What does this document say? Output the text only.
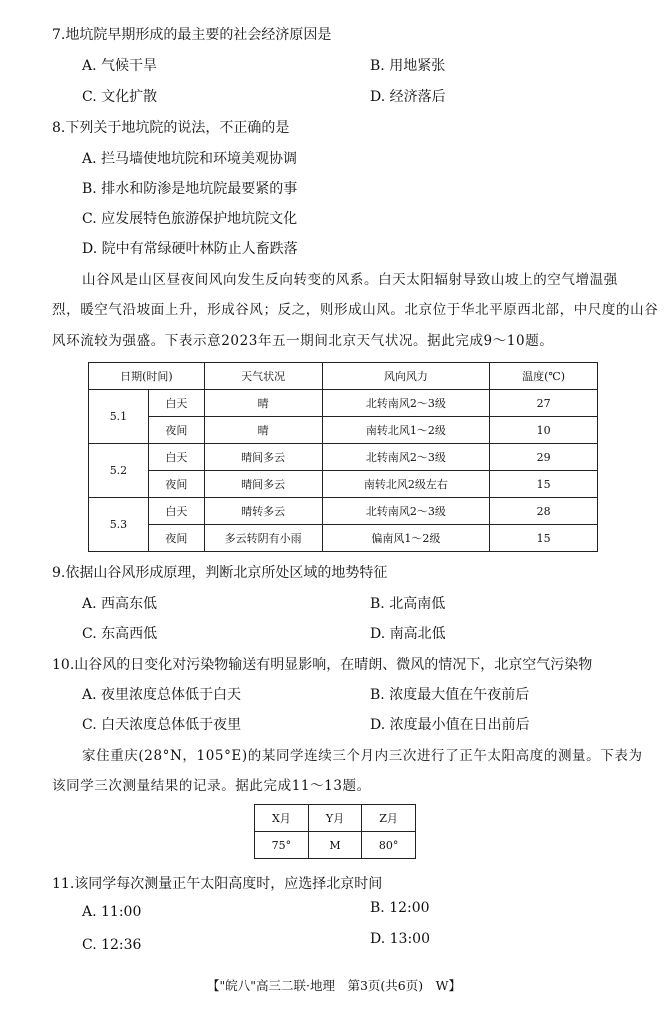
7.地坑院早期形成的最主要的社会经济原因是
A. 气候干旱	B. 用地紧张
C. 文化扩散	D. 经济落后
8.下列关于地坑院的说法，不正确的是
A. 拦马墙使地坑院和环境美观协调
B. 排水和防渗是地坑院最要紧的事
C. 应发展特色旅游保护地坑院文化
D. 院中有常绿硬叶林防止人畜跌落
山谷风是山区昼夜间风向发生反向转变的风系。白天太阳辐射导致山坡上的空气增温强
烈，暖空气沿坡面上升，形成谷风；反之，则形成山风。北京位于华北平原西北部，中尺度的山谷
风环流较为强盛。下表示意2023年五一期间北京天气状况。据此完成9～10题。
日期(时间)		天气状况	风向风力	温度(℃)
5.1	白天	晴	北转南风2～3级	27
	夜间	晴	南转北风1～2级	10
5.2	白天	晴间多云	北转南风2～3级	29
	夜间	晴间多云	南转北风2级左右	15
5.3	白天	晴转多云	北转南风2～3级	28
	夜间	多云转阴有小雨	偏南风1～2级	15
9.依据山谷风形成原理，判断北京所处区域的地势特征
A. 西高东低	B. 北高南低
C. 东高西低	D. 南高北低
10.山谷风的日变化对污染物输送有明显影响，在晴朗、微风的情况下，北京空气污染物
A. 夜里浓度总体低于白天	B. 浓度最大值在午夜前后
C. 白天浓度总体低于夜里	D. 浓度最小值在日出前后
家住重庆(28°N，105°E)的某同学连续三个月内三次进行了正午太阳高度的测量。下表为
该同学三次测量结果的记录。据此完成11～13题。
X月	Y月	Z月
75°	M	80°
11.该同学每次测量正午太阳高度时，应选择北京时间
A. 11:00	B. 12:00
C. 12:36	D. 13:00
【"皖八"高三二联·地理　第3页(共6页)　W】
